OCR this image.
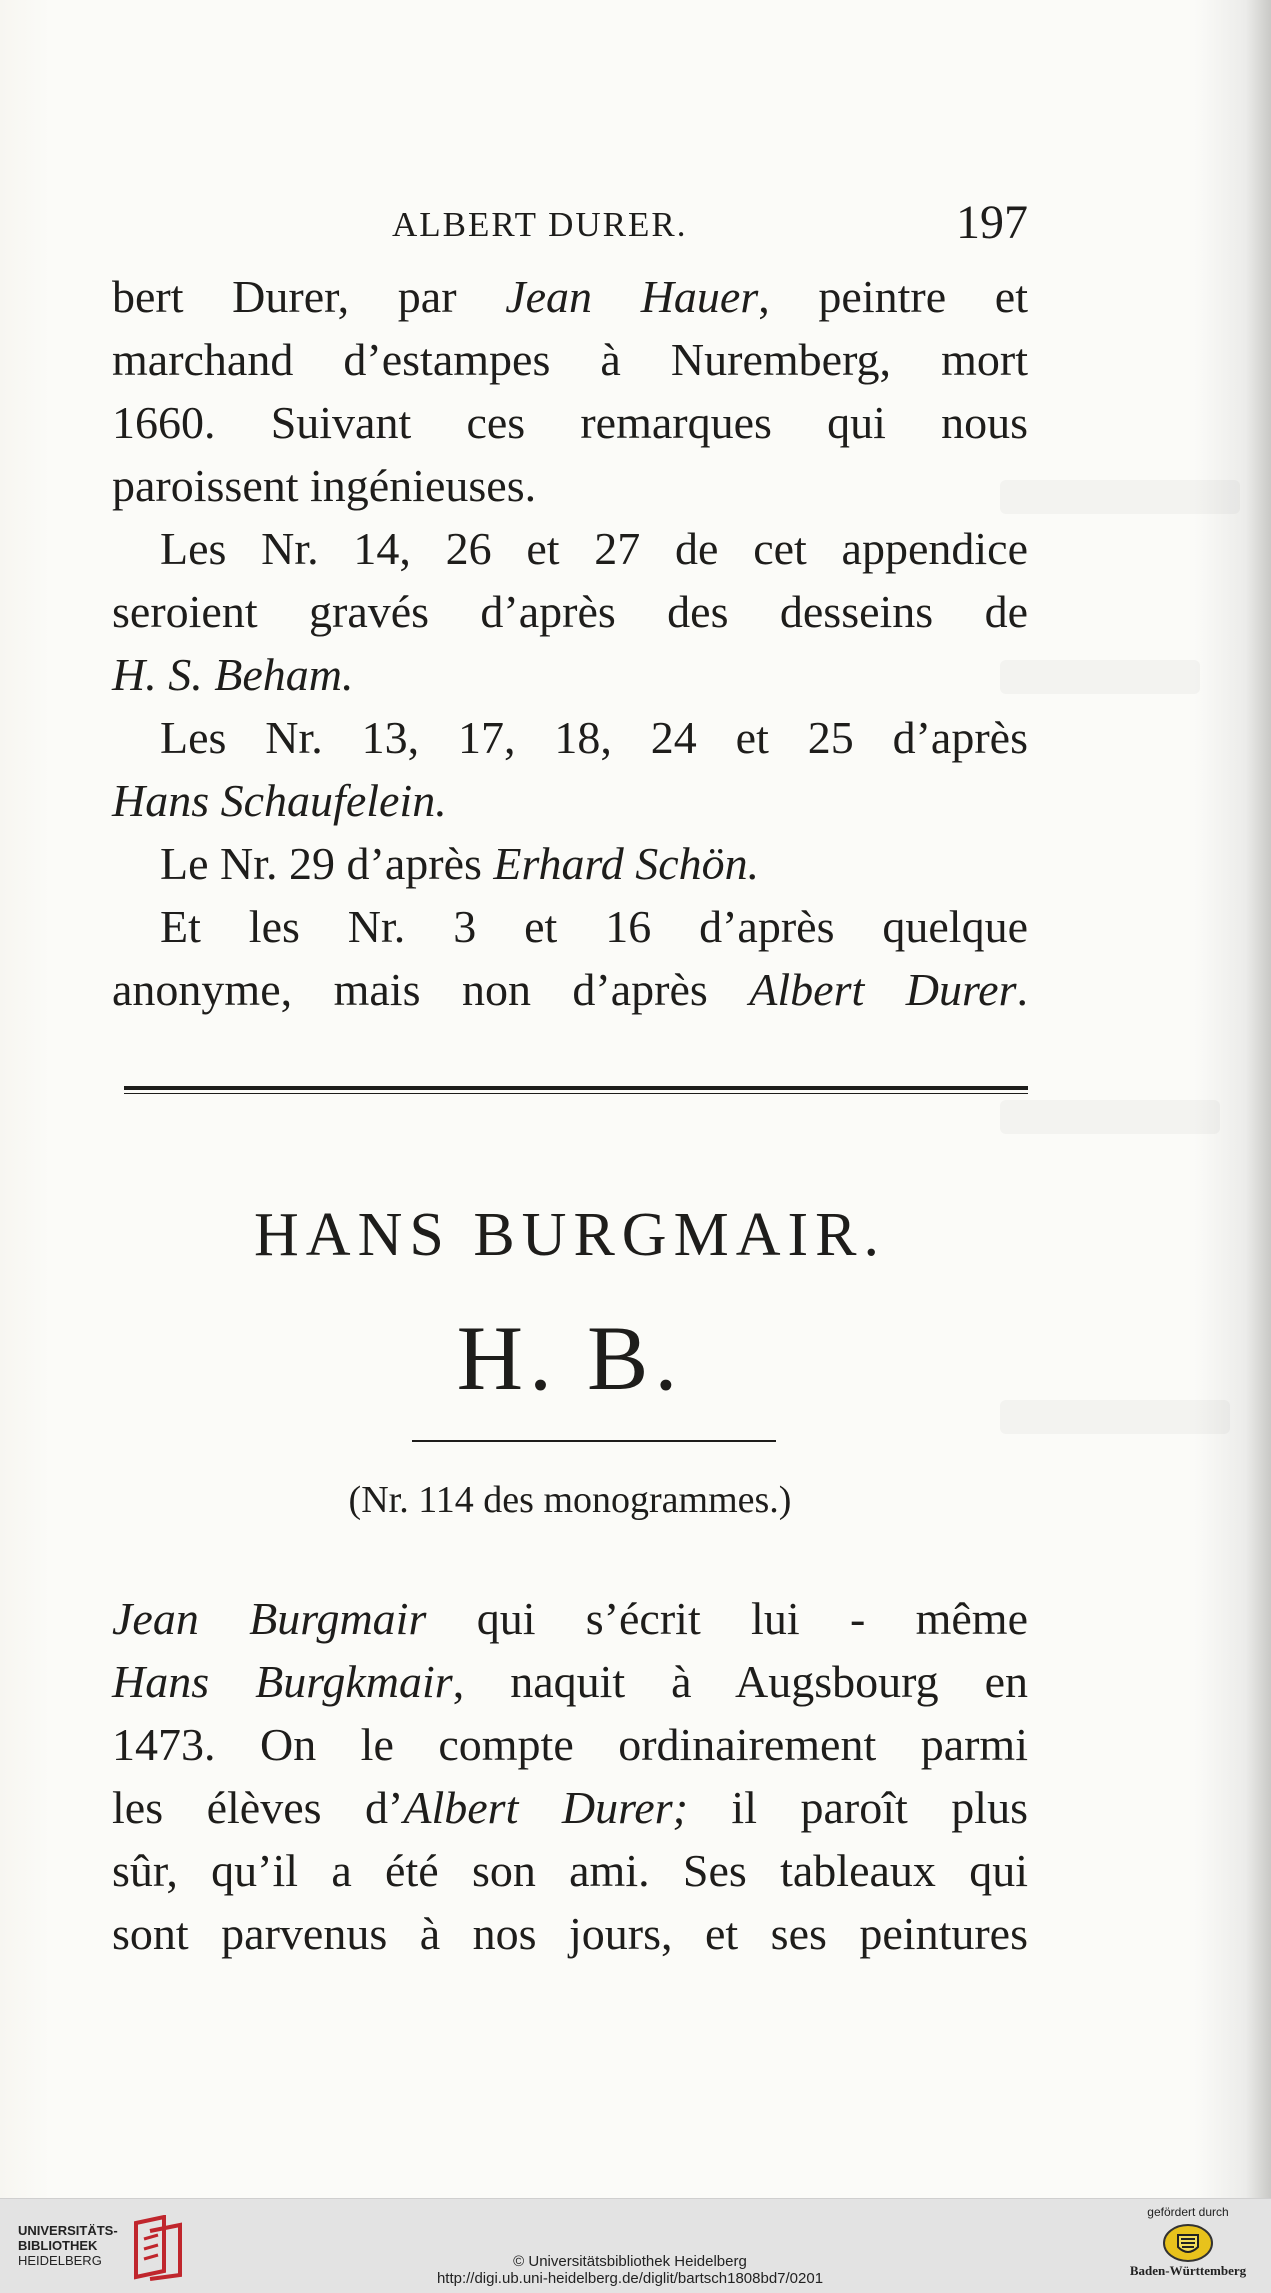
ALBERT DURER.	197
bert Durer, par Jean Hauer, peintre et
marchand d’estampes à Nuremberg, mort
1660. Suivant ces remarques qui nous
paroissent ingénieuses.
Les Nr. 14, 26 et 27 de cet appendice
seroient gravés d’après des desseins de
H. S. Beham.
Les Nr. 13, 17, 18, 24 et 25 d’après
Hans Schaufelein.
Le Nr. 29 d’après Erhard Schön.
Et les Nr. 3 et 16 d’après quelque
anonyme, mais non d’après Albert Durer.
HANS BURGMAIR.
H. B.
(Nr. 114 des monogrammes.)
Jean Burgmair qui s’écrit lui - même
Hans Burgkmair, naquit à Augsbourg en
1473. On le compte ordinairement parmi
les élèves d’Albert Durer; il paroît plus
sûr, qu’il a été son ami. Ses tableaux qui
sont parvenus à nos jours, et ses peintures
UNIVERSITÄTS-
BIBLIOTHEK
HEIDELBERG	© Universitätsbibliothek Heidelberg
http://digi.ub.uni-heidelberg.de/diglit/bartsch1808bd7/0201
gefördert durch
Baden-Württemberg
